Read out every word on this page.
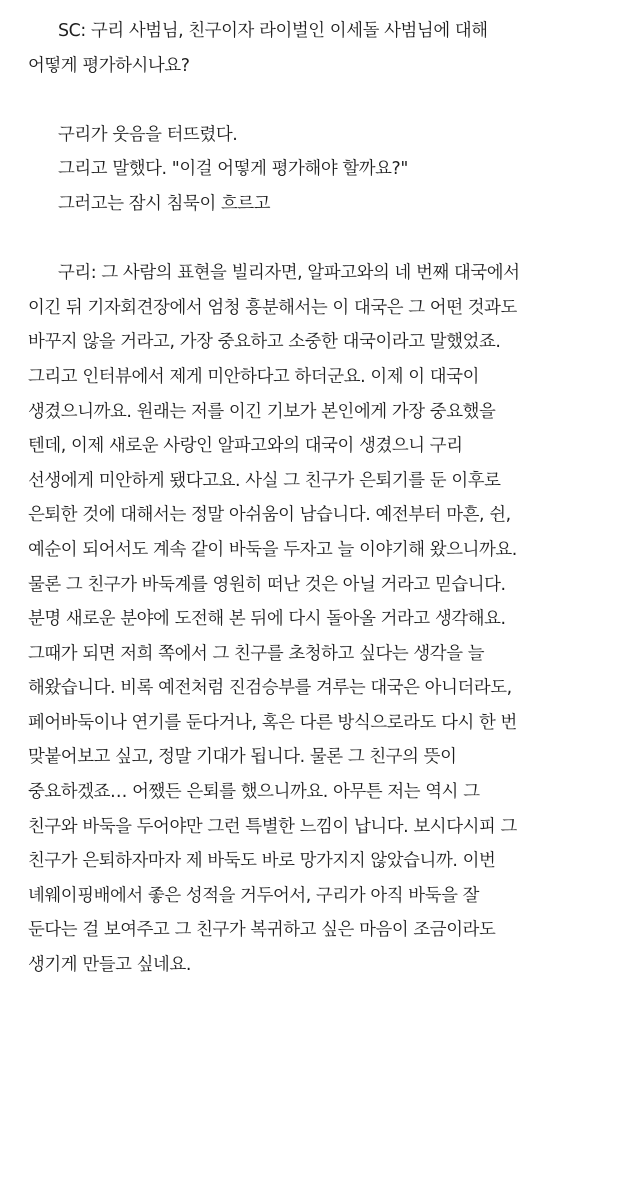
SC: 구리 사범님, 친구이자 라이벌인 이세돌 사범님에 대해
어떻게 평가하시나요?
구리가 웃음을 터뜨렸다.
그리고 말했다. "이걸 어떻게 평가해야 할까요?"
그러고는 잠시 침묵이 흐르고
구리: 그 사람의 표현을 빌리자면, 알파고와의 네 번째 대국에서
이긴 뒤 기자회견장에서 엄청 흥분해서는 이 대국은 그 어떤 것과도
바꾸지 않을 거라고, 가장 중요하고 소중한 대국이라고 말했었죠.
그리고 인터뷰에서 제게 미안하다고 하더군요. 이제 이 대국이
생겼으니까요. 원래는 저를 이긴 기보가 본인에게 가장 중요했을
텐데, 이제 새로운 사랑인 알파고와의 대국이 생겼으니 구리
선생에게 미안하게 됐다고요. 사실 그 친구가 은퇴기를 둔 이후로
은퇴한 것에 대해서는 정말 아쉬움이 남습니다. 예전부터 마흔, 쉰,
예순이 되어서도 계속 같이 바둑을 두자고 늘 이야기해 왔으니까요.
물론 그 친구가 바둑계를 영원히 떠난 것은 아닐 거라고 믿습니다.
분명 새로운 분야에 도전해 본 뒤에 다시 돌아올 거라고 생각해요.
그때가 되면 저희 쪽에서 그 친구를 초청하고 싶다는 생각을 늘
해왔습니다. 비록 예전처럼 진검승부를 겨루는 대국은 아니더라도,
페어바둑이나 연기를 둔다거나, 혹은 다른 방식으로라도 다시 한 번
맞붙어보고 싶고, 정말 기대가 됩니다. 물론 그 친구의 뜻이
중요하겠죠… 어쨌든 은퇴를 했으니까요. 아무튼 저는 역시 그
친구와 바둑을 두어야만 그런 특별한 느낌이 납니다. 보시다시피 그
친구가 은퇴하자마자 제 바둑도 바로 망가지지 않았습니까. 이번
녜웨이핑배에서 좋은 성적을 거두어서, 구리가 아직 바둑을 잘
둔다는 걸 보여주고 그 친구가 복귀하고 싶은 마음이 조금이라도
생기게 만들고 싶네요.
